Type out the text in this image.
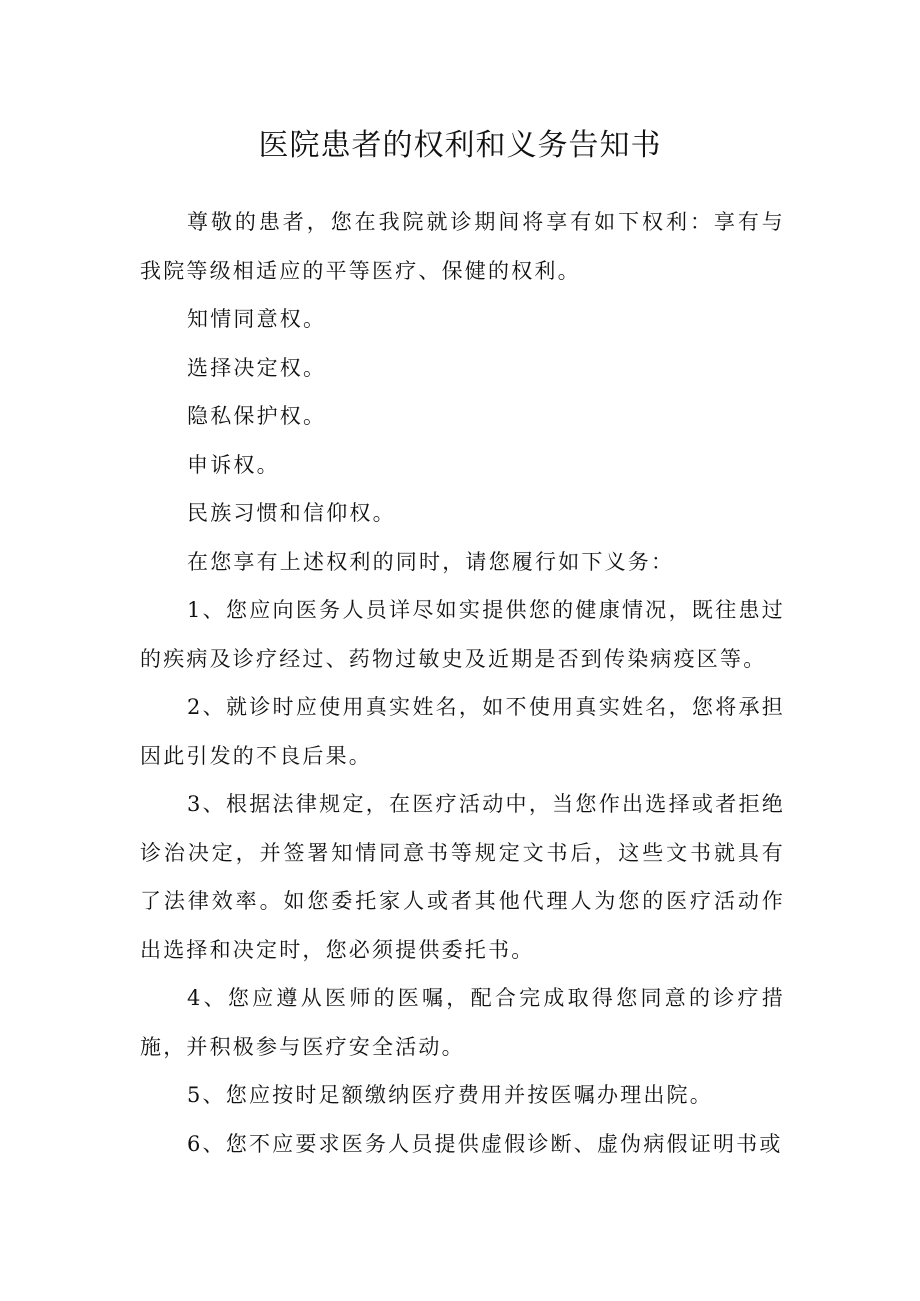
医院患者的权利和义务告知书

尊敬的患者，您在我院就诊期间将享有如下权利：享有与我院等级相适应的平等医疗、保健的权利。

知情同意权。

选择决定权。

隐私保护权。

申诉权。

民族习惯和信仰权。

在您享有上述权利的同时，请您履行如下义务：

1、您应向医务人员详尽如实提供您的健康情况，既往患过的疾病及诊疗经过、药物过敏史及近期是否到传染病疫区等。

2、就诊时应使用真实姓名，如不使用真实姓名，您将承担因此引发的不良后果。

3、根据法律规定，在医疗活动中，当您作出选择或者拒绝诊治决定，并签署知情同意书等规定文书后，这些文书就具有了法律效率。如您委托家人或者其他代理人为您的医疗活动作出选择和决定时，您必须提供委托书。

4、您应遵从医师的医嘱，配合完成取得您同意的诊疗措施，并积极参与医疗安全活动。

5、您应按时足额缴纳医疗费用并按医嘱办理出院。

6、您不应要求医务人员提供虚假诊断、虚伪病假证明书或
